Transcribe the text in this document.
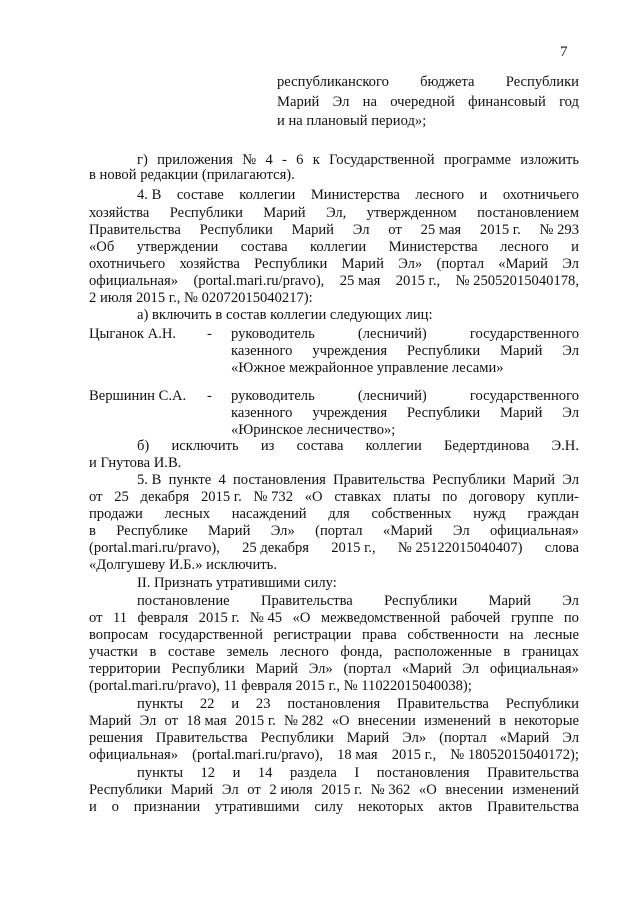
7
республиканского бюджета Республики
Марий Эл на очередной финансовый год
и на плановый период»;
г) приложения № 4 - 6 к Государственной программе изложить
в новой редакции (прилагаются).
4. В составе коллегии Министерства лесного и охотничьего
хозяйства Республики Марий Эл, утвержденном постановлением
Правительства Республики Марий Эл от 25 мая 2015 г. № 293
«Об утверждении состава коллегии Министерства лесного и
охотничьего хозяйства Республики Марий Эл» (портал «Марий Эл
официальная» (portal.mari.ru/pravo), 25 мая 2015 г., № 25052015040178,
2 июля 2015 г., № 02072015040217):
а) включить в состав коллегии следующих лиц:
Цыганок А.Н. - руководитель	(лесничий)	государственного
казенного учреждения Республики Марий Эл
«Южное межрайонное управление лесами»
Вершинин С.А. - руководитель	(лесничий)	государственного
казенного учреждения Республики Марий Эл
«Юринское лесничество»;
б) исключить из состава коллегии Бедертдинова Э.Н.
и Гнутова И.В.
5. В пункте 4 постановления Правительства Республики Марий Эл
от 25 декабря 2015 г. № 732 «О ставках платы по договору купли-
продажи лесных насаждений для собственных нужд граждан
в Республике Марий Эл» (портал «Марий Эл официальная»
(portal.mari.ru/pravo), 25 декабря 2015 г., № 25122015040407) слова
«Долгушеву И.Б.» исключить.
II. Признать утратившими силу:
постановление Правительства Республики Марий Эл
от 11 февраля 2015 г. № 45 «О межведомственной рабочей группе по
вопросам государственной регистрации права собственности на лесные
участки в составе земель лесного фонда, расположенные в границах
территории Республики Марий Эл» (портал «Марий Эл официальная»
(portal.mari.ru/pravo), 11 февраля 2015 г., № 11022015040038);
пункты 22 и 23 постановления Правительства Республики
Марий Эл от 18 мая 2015 г. № 282 «О внесении изменений в некоторые
решения Правительства Республики Марий Эл» (портал «Марий Эл
официальная» (portal.mari.ru/pravo), 18 мая 2015 г., № 18052015040172);
пункты 12 и 14 раздела I постановления Правительства
Республики Марий Эл от 2 июля 2015 г. № 362 «О внесении изменений
и о признании утратившими силу некоторых актов Правительства
